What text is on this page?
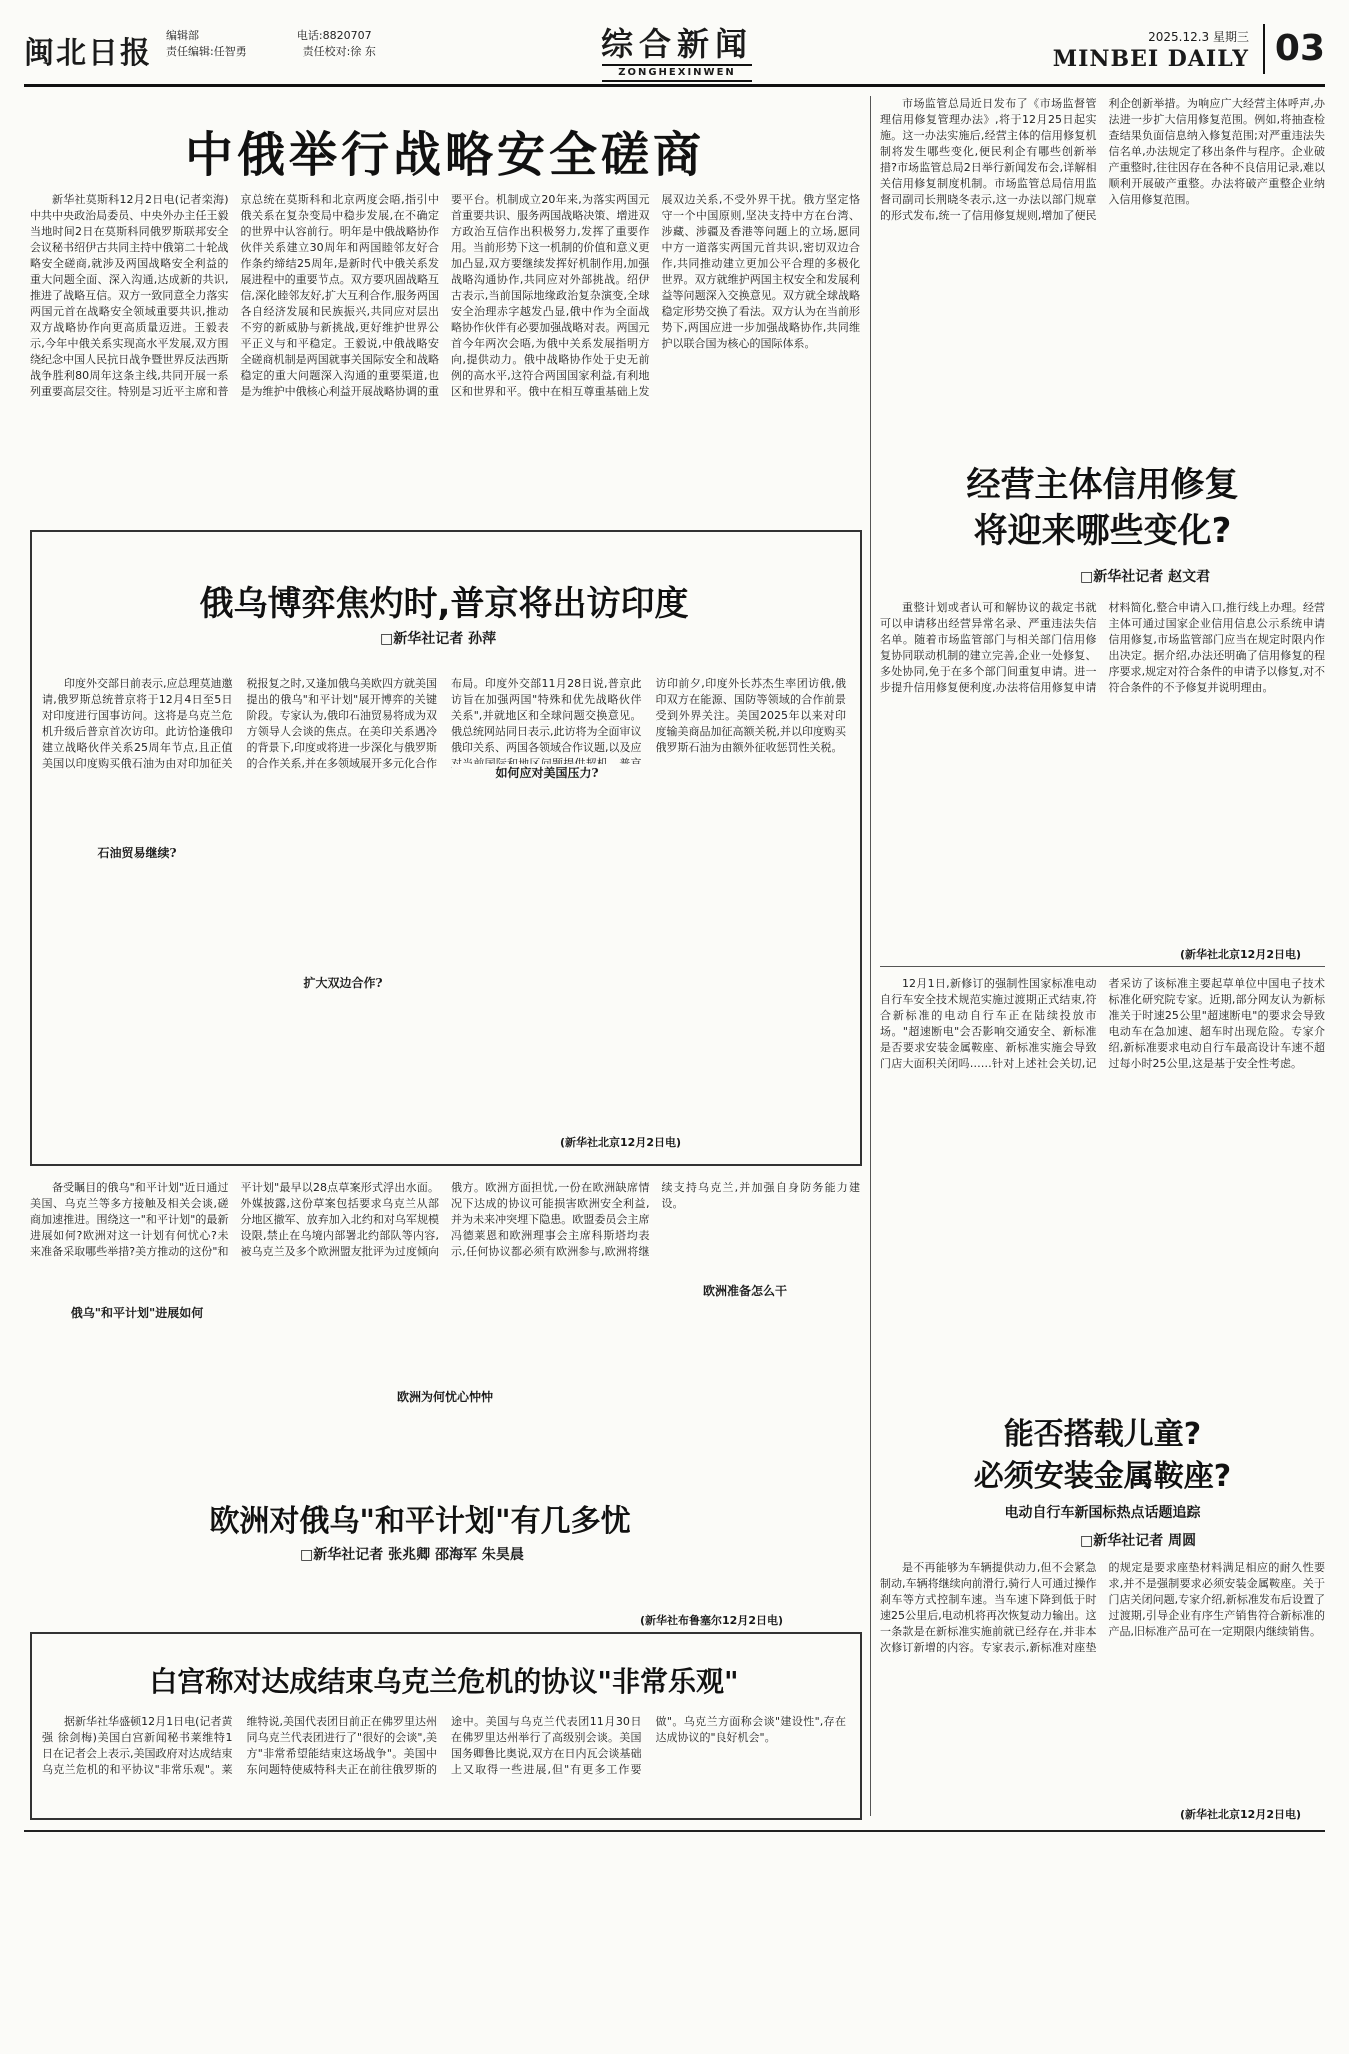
闽北日报
编辑部	电话:8820707
责任编辑:任智勇	责任校对:徐 东	综合新闻
ZONGHEXINWEN
2025.12.3 星期三
MINBEI DAILY 03
中俄举行战略安全磋商

新华社莫斯科12月2日电(记者栾海)中共中央政治局委员、中央外办主任王毅当地时间2日在莫斯科同俄罗斯联邦安全会议秘书绍伊古共同主持中俄第二十轮战略安全磋商,就涉及两国战略安全利益的重大问题全面、深入沟通,达成新的共识,推进了战略互信。双方一致同意全力落实两国元首在战略安全领域重要共识,推动双方战略协作向更高质量迈进。王毅表示,今年中俄关系实现高水平发展,双方围绕纪念中国人民抗日战争暨世界反法西斯战争胜利80周年这条主线,共同开展一系列重要高层交往。特别是习近平主席和普京总统在莫斯科和北京两度会晤,指引中俄关系在复杂变局中稳步发展,在不确定的世界中认容前行。明年是中俄战略协作伙伴关系建立30周年和两国睦邻友好合作条约缔结25周年,是新时代中俄关系发展进程中的重要节点。双方要巩固战略互信,深化睦邻友好,扩大互利合作,服务两国各自经济发展和民族振兴,共同应对层出不穷的新威胁与新挑战,更好维护世界公平正义与和平稳定。王毅说,中俄战略安全磋商机制是两国就事关国际安全和战略稳定的重大问题深入沟通的重要渠道,也是为维护中俄核心利益开展战略协调的重要平台。机制成立20年来,为落实两国元首重要共识、服务两国战略决策、增进双方政治互信作出积极努力,发挥了重要作用。当前形势下这一机制的价值和意义更加凸显,双方要继续发挥好机制作用,加强战略沟通协作,共同应对外部挑战。绍伊古表示,当前国际地缘政治复杂演变,全球安全治理赤字越发凸显,俄中作为全面战略协作伙伴有必要加强战略对表。两国元首今年两次会晤,为俄中关系发展指明方向,提供动力。俄中战略协作处于史无前例的高水平,这符合两国国家利益,有利地区和世界和平。俄中在相互尊重基础上发展双边关系,不受外界干扰。俄方坚定恪守一个中国原则,坚决支持中方在台湾、涉藏、涉疆及香港等问题上的立场,愿同中方一道落实两国元首共识,密切双边合作,共同推动建立更加公平合理的多极化世界。双方就维护两国主权安全和发展利益等问题深入交换意见。双方就全球战略稳定形势交换了看法。双方认为在当前形势下,两国应进一步加强战略协作,共同维护以联合国为核心的国际体系。

俄乌博弈焦灼时,普京将出访印度
□新华社记者 孙萍

印度外交部日前表示,应总理莫迪邀请,俄罗斯总统普京将于12月4日至5日对印度进行国事访问。这将是乌克兰危机升级后普京首次访印。此访恰逢俄印建立战略伙伴关系25周年节点,且正值美国以印度购买俄石油为由对印加征关税报复之时,又逢加俄乌美欧四方就美国提出的俄乌"和平计划"展开博弈的关键阶段。专家认为,俄印石油贸易将成为双方领导人会谈的焦点。在美印关系遇冷的背景下,印度或将进一步深化与俄罗斯的合作关系,并在多领域展开多元化合作布局。印度外交部11月28日说,普京此访旨在加强两国"特殊和优先战略伙伴关系",并就地区和全球问题交换意见。俄总统网站同日表示,此访将为全面审议俄印关系、两国各领域合作议题,以及应 访印前夕,印度外长苏杰生率团访俄,俄印双方在能源、国防等领域的合作前景受到外界关注。美国2025年以来对印度输美商品加征高额关税,并以印度购买俄罗斯石油为由额外征收惩罚性关税。

石油贸易继续?
扩大双边合作?
如何应对美国压力?
(新华社北京12月2日电)

备受瞩目的俄乌"和平计划"近日通过美国、乌克兰等多方接触及相关会谈,磋商加速推进。围绕这一"和平计划"的最新进展如何?欧洲对这一计划有何忧心?未来准备采取哪些举措?美方推动的这份"和平计划"最早以28点草案形式浮出水面。外媒披露,这份草案包括要求乌克兰从部分地区撤军、放弃加入北约和对乌军规模设限,禁止在乌境内部署北约部队等内容,被乌克兰及多个欧洲盟友批评为过度倾向俄方。欧洲方面担忧,一份在欧洲缺席情况下达成的协议可能损害欧洲安全利益,并为未来冲突埋下隐患。欧盟委员会主席冯德莱恩和欧洲理事会主席科斯塔均表示,任何协议都必须有欧洲参与,欧洲将继续支持乌克兰,并加强自身防务能力建设。

欧洲对俄乌"和平计划"有几多忧
□新华社记者 张兆卿 邵海军 朱昊晨
俄乌"和平计划"进展如何
欧洲为何忧心忡忡
欧洲准备怎么干
(新华社布鲁塞尔12月2日电)
白宫称对达成结束乌克兰危机的协议"非常乐观"

据新华社华盛顿12月1日电(记者黄强 徐剑梅)美国白宫新闻秘书莱维特1日在记者会上表示,美国政府对达成结束乌克兰危机的和平协议"非常乐观"。莱维特说,美国代表团目前正在佛罗里达州同乌克兰代表团进行了"很好的会谈",美方"非常希望能结束这场战争"。美国中东问题特使威特科夫正在前往俄罗斯的途中。美国与乌克兰代表团11月30日在佛罗里达州举行了高级别会谈。美国国务卿鲁比奥说,双方在日内瓦会谈基础上又取得一些进展,但"有更多工作要做"。乌克兰方面称会谈"建设性",存在达成协议的"良好机会"。

市场监管总局近日发布了《市场监督管理信用修复管理办法》,将于12月25日起实施。这一办法实施后,经营主体的信用修复机制将发生哪些变化,便民利企有哪些创新举措?市场监管总局2日举行新闻发布会,详解相关信用修复制度机制。市场监管总局信用监督司副司长荆晓冬表示,这一办法以部门规章的形式发布,统一了信用修复规则,增加了便民利企创新举措。为响应广大经营主体呼声,办法进一步扩大信用修复范围。例如,将抽查检查结果负面信息纳入修复范围;对严重违法失信名单,办法规定了移出条件与程序。企业破产重整时,往往因存在各种不良信用记录,难以顺利开展破产重整。办法将破产重整企业纳入信用修复范围。

经营主体信用修复
将迎来哪些变化?
□新华社记者 赵文君

重整计划或者认可和解协议的裁定书就可以申请移出经营异常名录、严重违法失信名单。随着市场监管部门与相关部门信用修复协同联动机制的建立完善,企业一处修复、多处协同,免于在多个部门间重复申请。进一步提升信用修复便利度,办法将信用修复申请材料简化,整合申请入口,推行线上办理。经营主体可通过国家企业信用信息公示系统申请信用修复,市场监管部门应当在规定时限内作出决定。据介绍,办法还明确了信用修复的程序要求,规定对符合条件的申请予以修复,对不符合条件的不予修复并说明理由。

(新华社北京12月2日电)

12月1日,新修订的强制性国家标准电动自行车安全技术规范实施过渡期正式结束,符合新标准的电动自行车正在陆续投放市场。"超速断电"会否影响交通安全、新标准是否要求安装金属鞍座、新标准实施会导致门店大面积关闭吗……针对上述社会关切,记者采访了该标准主要起草单位中国电子技术标准化研究院专家。近期,部分网友认为新标准关于时速25公里"超速断电"的要求会导致电动车在急加速、超车时出现危险。专家介绍,新标准要求电动自行车最高设计车速不超过每小时25公里,这是基于安全性考虑。

能否搭载儿童?
必须安装金属鞍座?
电动自行车新国标热点话题追踪
□新华社记者 周圆

是不再能够为车辆提供动力,但不会紧急制动,车辆将继续向前滑行,骑行人可通过操作刹车等方式控制车速。当车速下降到低于时速25公里后,电动机将再次恢复动力输出。这一条款是在新标准实施前就已经存在,并非本次修订新增的内容。专家表示,新标准对座垫的规定是要求座垫材料满足相应的耐久性要求,并不是强制要求必须安装金属鞍座。关于门店关闭问题,专家介绍,新标准发布后设置了过渡期,引导企业有序生产销售符合新标准的产品,旧标准产品可在一定期限内继续销售。

(新华社北京12月2日电)
